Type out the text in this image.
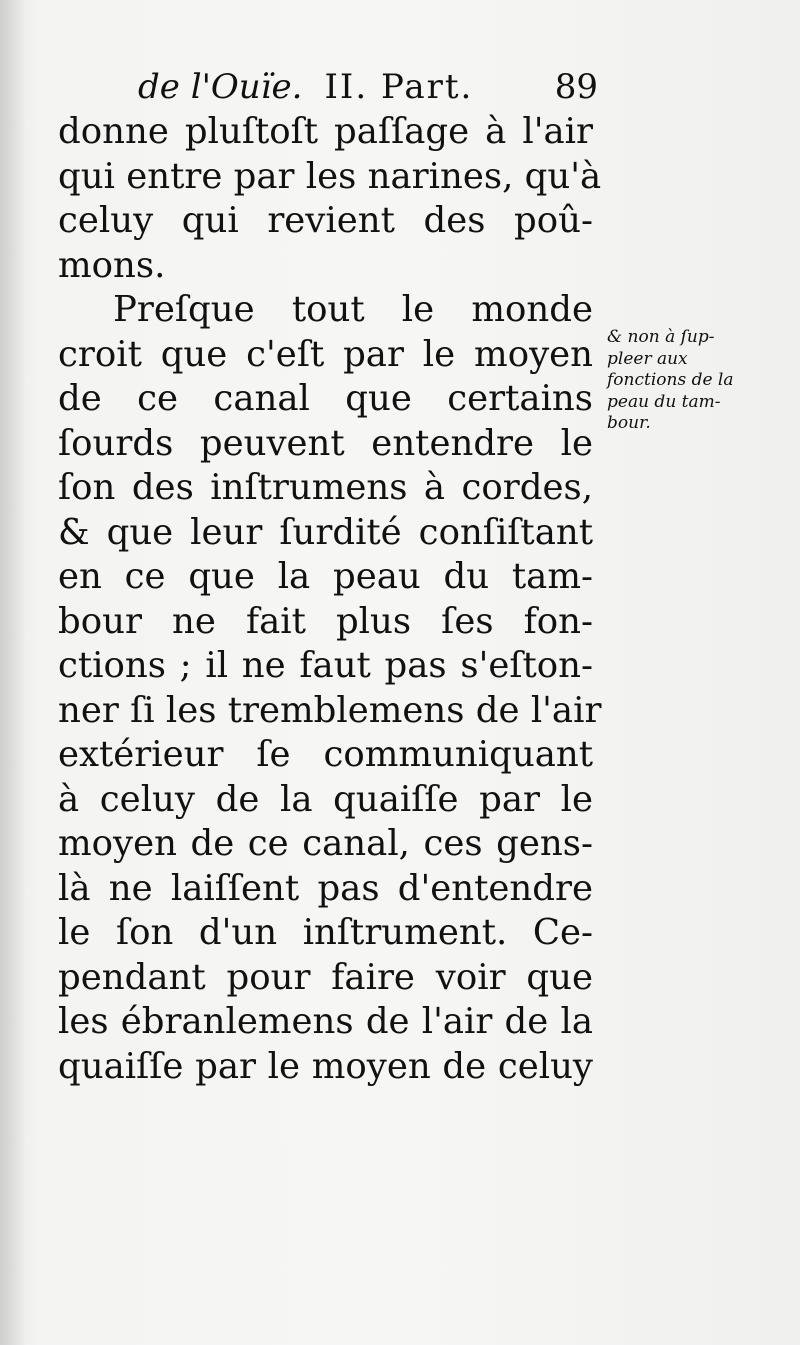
de l'Ouïe. II. Part. 89
donne pluſtoſt paſſage à l'air
qui entre par les narines, qu'à
celuy qui revient des poû-
mons.
Preſque tout le monde
croit que c'eſt par le moyen
de ce canal que certains
ſourds peuvent entendre le
ſon des inſtrumens à cordes,
& que leur ſurdité conſiſtant
en ce que la peau du tam-
bour ne fait plus ſes fon-
ctions ; il ne faut pas s'eſton-
ner ſi les tremblemens de l'air
extérieur ſe communiquant
à celuy de la quaiſſe par le
moyen de ce canal, ces gens-
là ne laiſſent pas d'entendre
le ſon d'un inſtrument. Ce-
pendant pour faire voir que
les ébranlemens de l'air de la
quaiſſe par le moyen de celuy
& non à ſup-
pleer aux
fonctions de la
peau du tam-
bour.
